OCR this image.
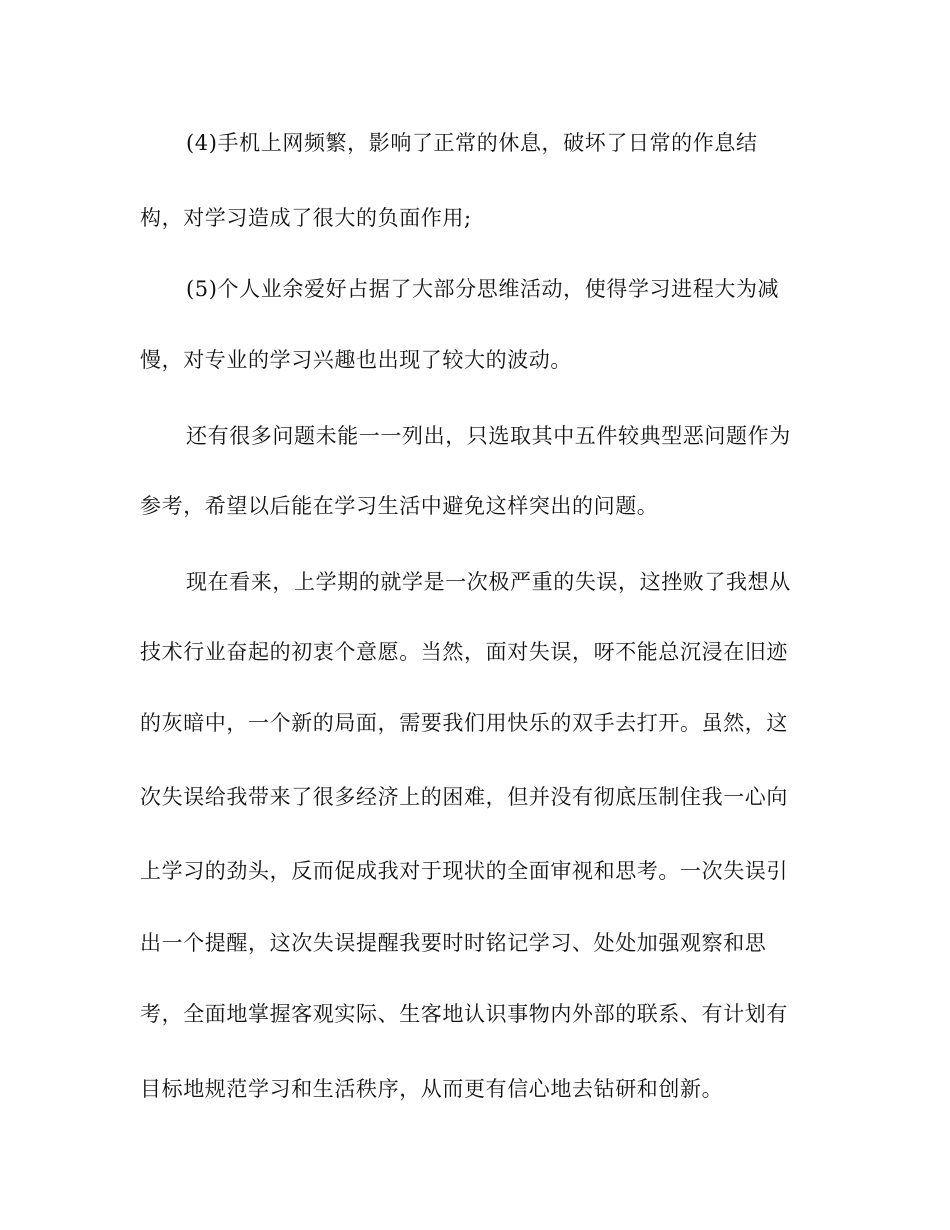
(4)手机上网频繁，影响了正常的休息，破坏了日常的作息结
构，对学习造成了很大的负面作用;
(5)个人业余爱好占据了大部分思维活动，使得学习进程大为减
慢，对专业的学习兴趣也出现了较大的波动。
还有很多问题未能一一列出，只选取其中五件较典型恶问题作为
参考，希望以后能在学习生活中避免这样突出的问题。
现在看来，上学期的就学是一次极严重的失误，这挫败了我想从
技术行业奋起的初衷个意愿。当然，面对失误，呀不能总沉浸在旧迹
的灰暗中，一个新的局面，需要我们用快乐的双手去打开。虽然，这
次失误给我带来了很多经济上的困难，但并没有彻底压制住我一心向
上学习的劲头，反而促成我对于现状的全面审视和思考。一次失误引
出一个提醒，这次失误提醒我要时时铭记学习、处处加强观察和思
考，全面地掌握客观实际、生客地认识事物内外部的联系、有计划有
目标地规范学习和生活秩序，从而更有信心地去钻研和创新。
